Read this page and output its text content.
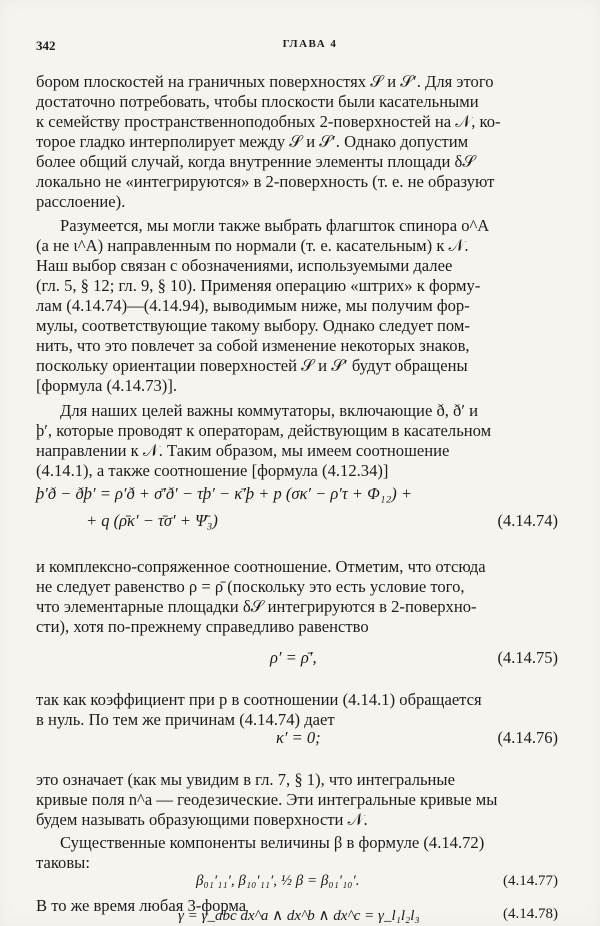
342	ГЛАВА 4
бором плоскостей на граничных поверхностях 𝒮 и 𝒮′. Для этого
достаточно потребовать, чтобы плоскости были касательными
к семейству пространственноподобных 2-поверхностей на 𝒩, ко-
торое гладко интерполирует между 𝒮 и 𝒮′. Однако допустим
более общий случай, когда внутренние элементы площади δ𝒮
локально не «интегрируются» в 2-поверхность (т. е. не образуют
расслоение).
Разумеется, мы могли также выбрать флагшток спинора o^A
(а не ι^A) направленным по нормали (т. е. касательным) к 𝒩.
Наш выбор связан с обозначениями, используемыми далее
(гл. 5, § 12; гл. 9, § 10). Применяя операцию «штрих» к форму-
лам (4.14.74)—(4.14.94), выводимым ниже, мы получим фор-
мулы, соответствующие такому выбору. Однако следует пом-
нить, что это повлечет за собой изменение некоторых знаков,
поскольку ориентации поверхностей 𝒮 и 𝒮′ будут обращены
[формула (4.14.73)].
Для наших целей важны коммутаторы, включающие ð, ð′ и
þ′, которые проводят к операторам, действующим в касательном
направлении к 𝒩. Таким образом, мы имеем соотношение
(4.14.1), а также соотношение [формула (4.12.34)]
þ′ð − ðþ′ = ρ′ð + σ̄′ð′ − τþ′ − κ̄′þ + p (σκ′ − ρ′τ + Φ₁₂) +
+ q (ρ̄κ′ − τ̄σ′ + Ψ̄₃)	(4.14.74)
и комплексно-сопряженное соотношение. Отметим, что отсюда
не следует равенство ρ = ρ̄ (поскольку это есть условие того,
что элементарные площадки δ𝒮 интегрируются в 2-поверхно-
сти), хотя по-прежнему справедливо равенство
ρ′ = ρ̄′,	(4.14.75)
так как коэффициент при p в соотношении (4.14.1) обращается
в нуль. По тем же причинам (4.14.74) дает
κ′ = 0;	(4.14.76)
это означает (как мы увидим в гл. 7, § 1), что интегральные
кривые поля n^a — геодезические. Эти интегральные кривые мы
будем называть образующими поверхности 𝒩.
Существенные компоненты величины β в формуле (4.14.72)
таковы:
β₀₁′₁₁′, β₁₀′₁₁′, ½ β = β₀₁′₁₀′.	(4.14.77)
В то же время любая 3-форма
γ = γ_abc dx^a ∧ dx^b ∧ dx^c = γ_l₁l₂l₃	(4.14.78)
